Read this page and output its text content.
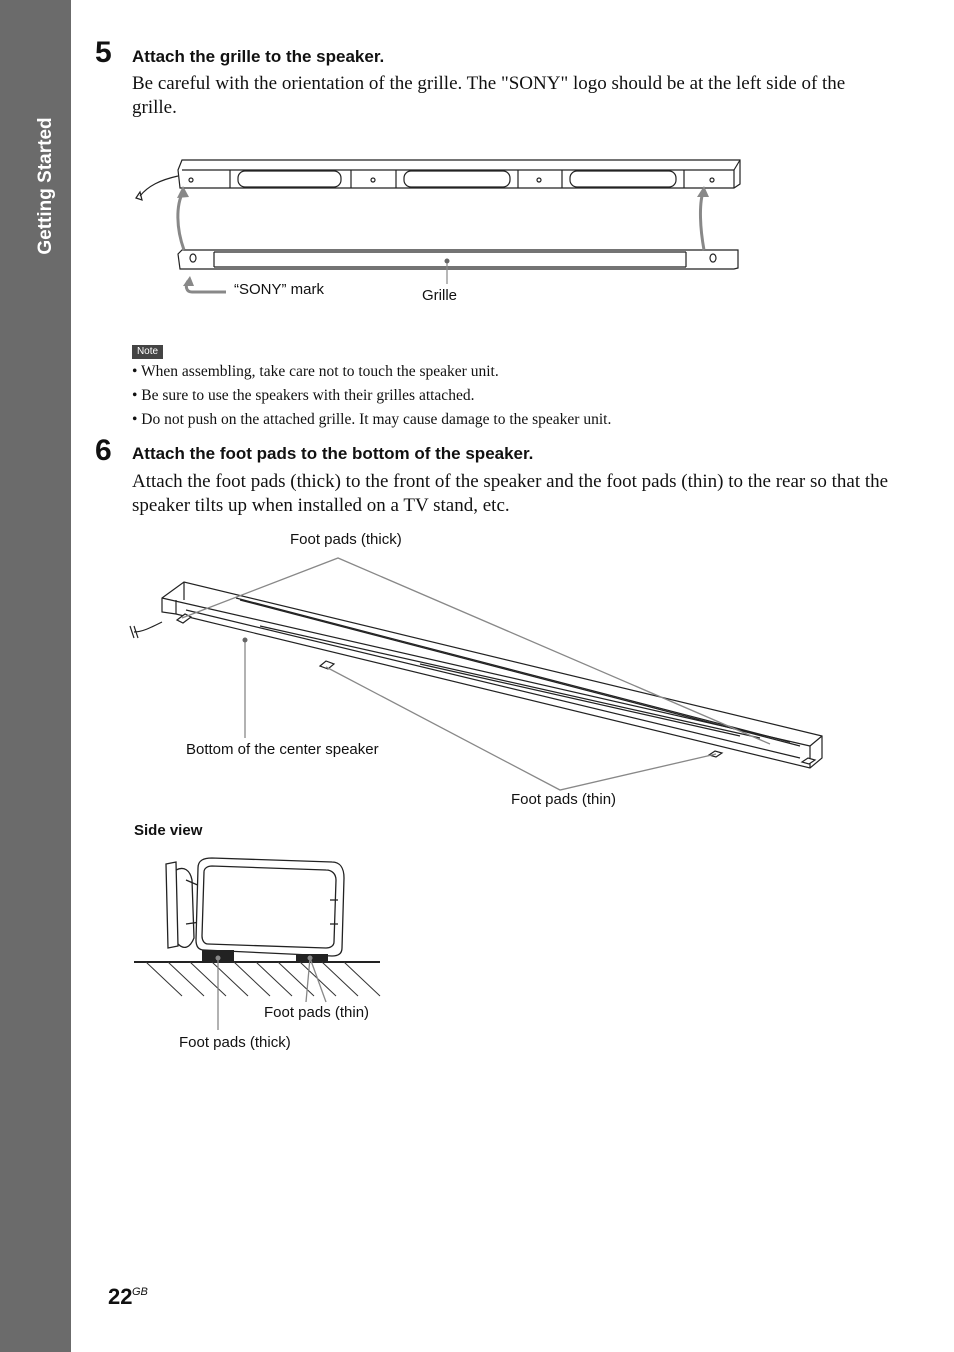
Getting Started
5 Attach the grille to the speaker.
Be careful with the orientation of the grille. The "SONY" logo should be at the left side of the grille.
“SONY” mark	Grille
Note
• When assembling, take care not to touch the speaker unit.
• Be sure to use the speakers with their grilles attached.
• Do not push on the attached grille. It may cause damage to the speaker unit.
6 Attach the foot pads to the bottom of the speaker.
Attach the foot pads (thick) to the front of the speaker and the foot pads (thin) to the rear so that the speaker tilts up when installed on a TV stand, etc.
Foot pads (thick)
Bottom of the center speaker
Foot pads (thin)
Side view
Foot pads (thin)
Foot pads (thick)
22 GB
